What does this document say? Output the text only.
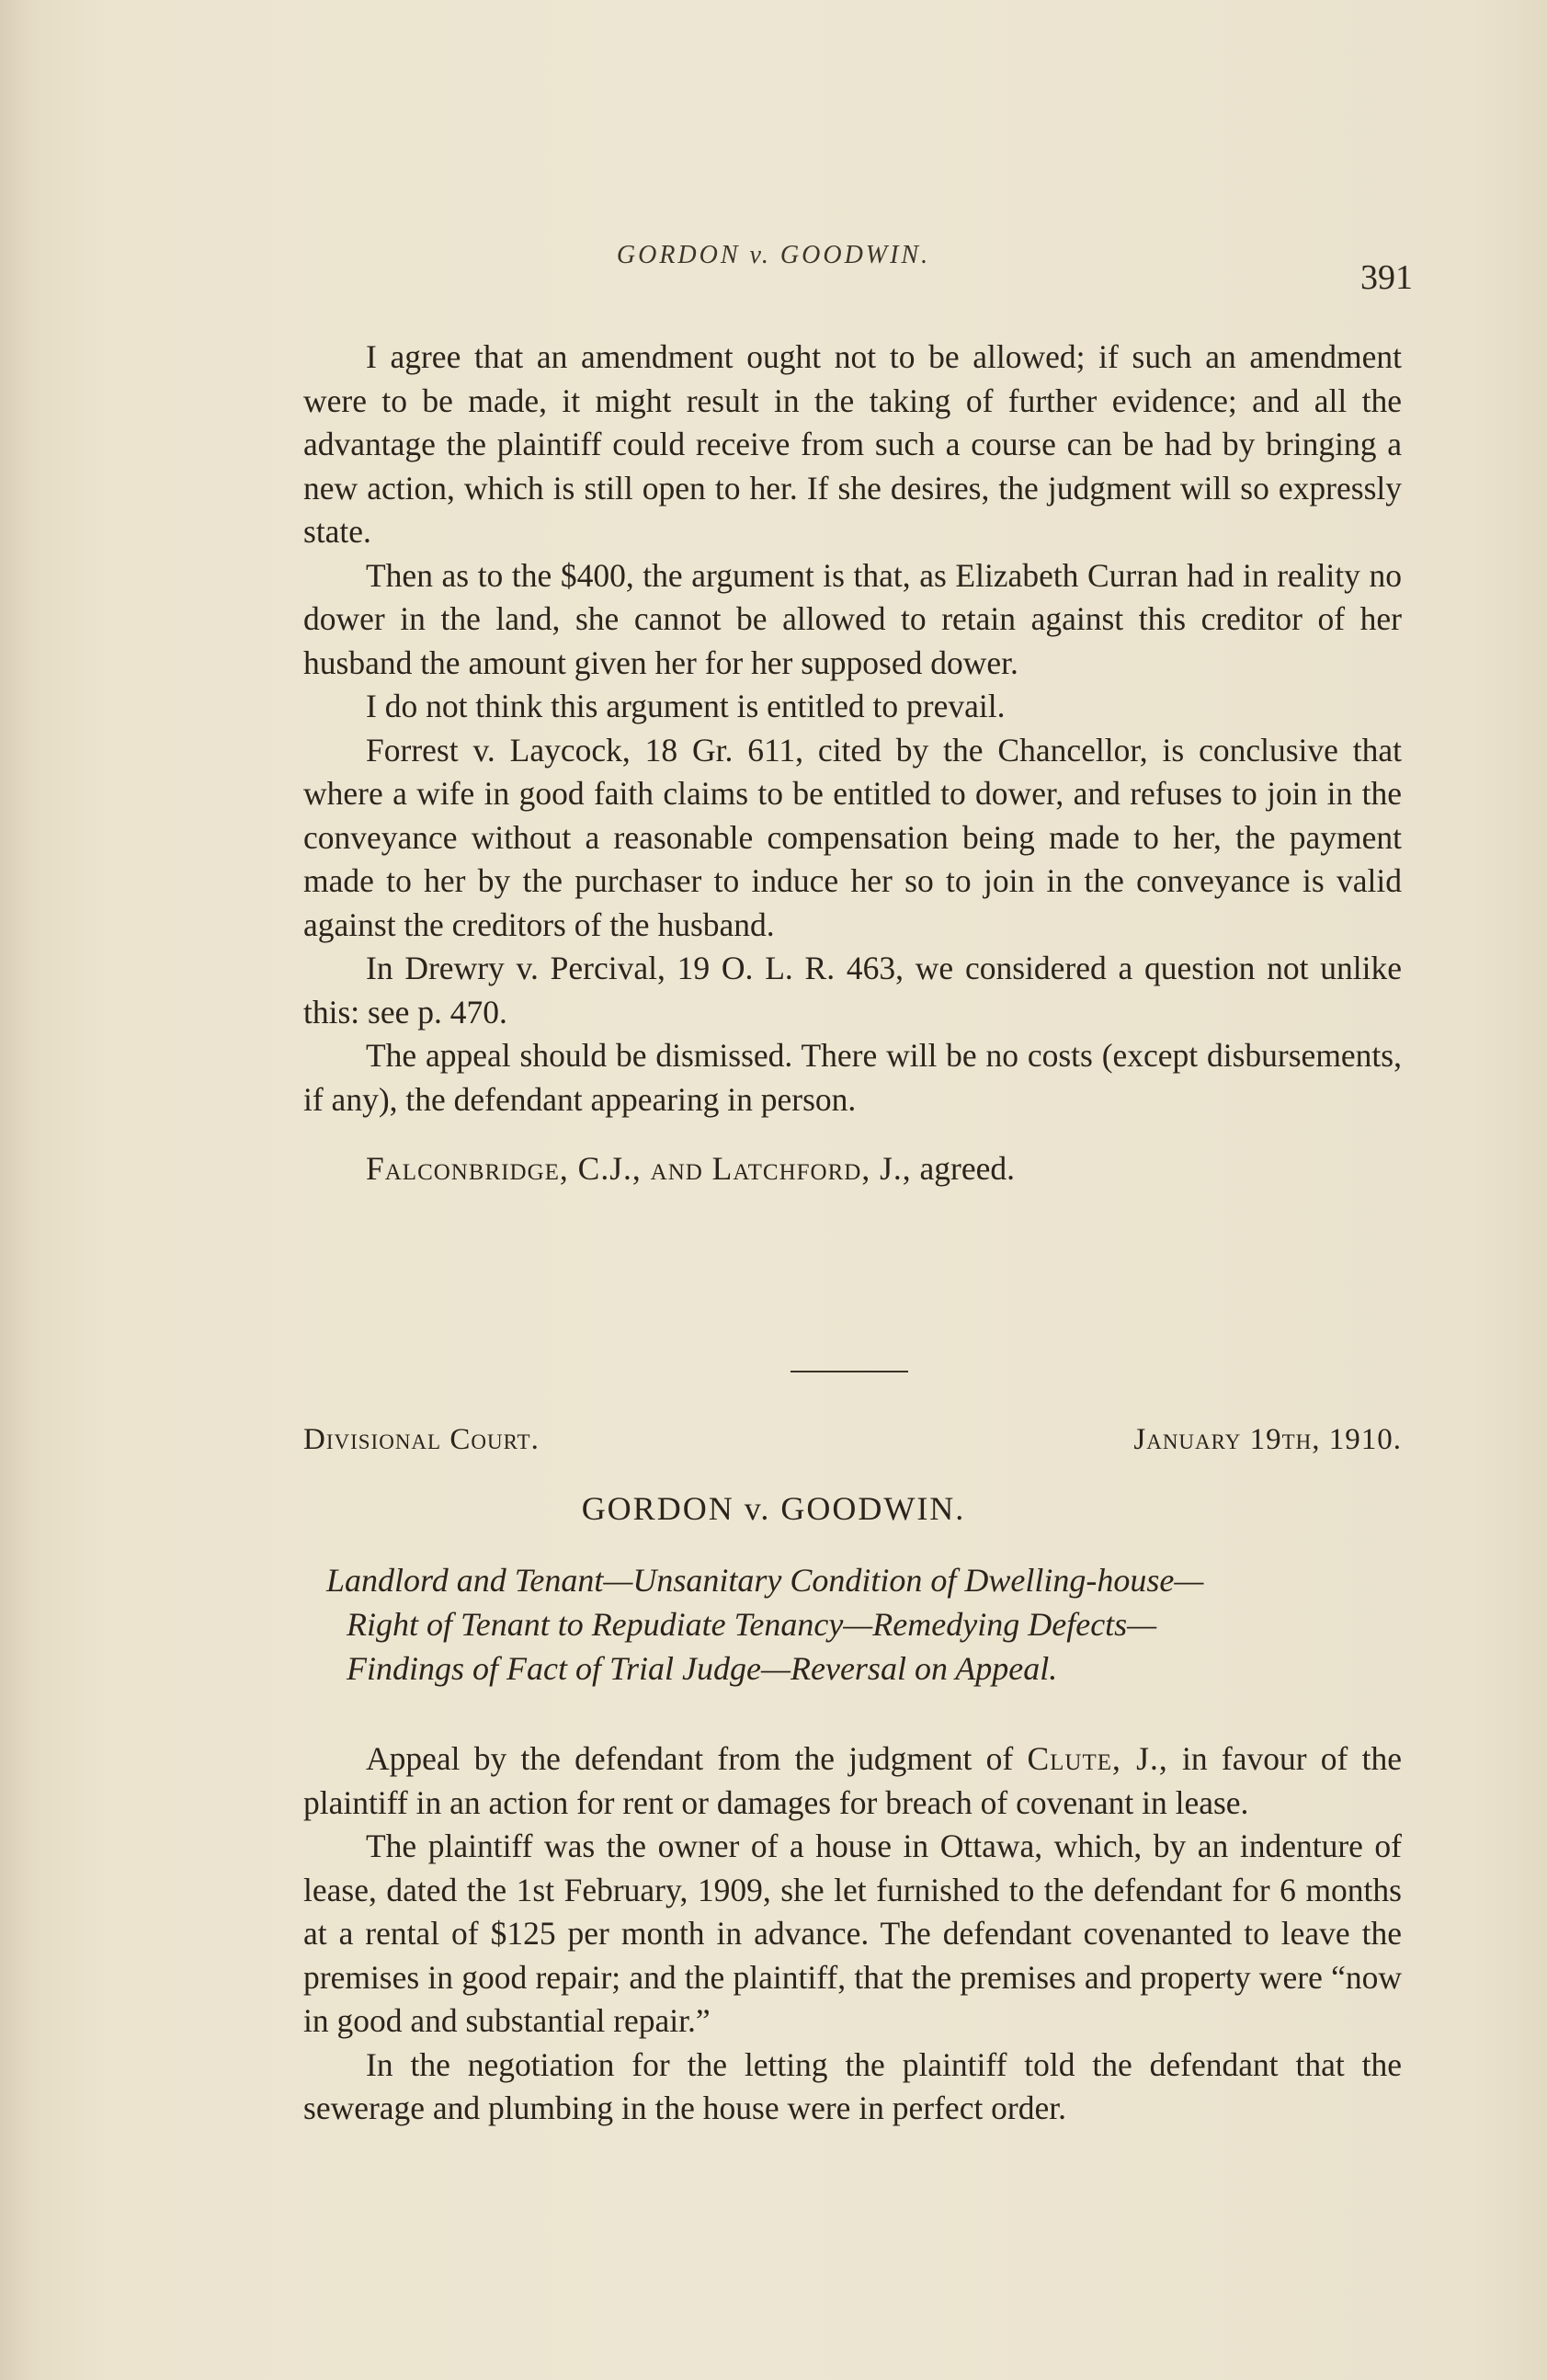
GORDON v. GOODWIN.
391

I agree that an amendment ought not to be allowed; if such an amendment were to be made, it might result in the taking of further evidence; and all the advantage the plaintiff could receive from such a course can be had by bringing a new action, which is still open to her. If she desires, the judgment will so expressly state.

Then as to the $400, the argument is that, as Elizabeth Curran had in reality no dower in the land, she cannot be allowed to retain against this creditor of her husband the amount given her for her supposed dower.

I do not think this argument is entitled to prevail.

Forrest v. Laycock, 18 Gr. 611, cited by the Chancellor, is conclusive that where a wife in good faith claims to be entitled to dower, and refuses to join in the conveyance without a reasonable compensation being made to her, the payment made to her by the purchaser to induce her so to join in the conveyance is valid against the creditors of the husband.

In Drewry v. Percival, 19 O. L. R. 463, we considered a question not unlike this: see p. 470.

The appeal should be dismissed. There will be no costs (except disbursements, if any), the defendant appearing in person.

Falconbridge, C.J., and Latchford, J., agreed.

Divisional Court.	January 19th, 1910.
GORDON v. GOODWIN.
Landlord and Tenant—Unsanitary Condition of Dwelling-house—
Right of Tenant to Repudiate Tenancy—Remedying Defects—
Findings of Fact of Trial Judge—Reversal on Appeal.

Appeal by the defendant from the judgment of Clute, J., in favour of the plaintiff in an action for rent or damages for breach of covenant in lease.

The plaintiff was the owner of a house in Ottawa, which, by an indenture of lease, dated the 1st February, 1909, she let furnished to the defendant for 6 months at a rental of $125 per month in advance. The defendant covenanted to leave the premises in good repair; and the plaintiff, that the premises and property were “now in good and substantial repair.”

In the negotiation for the letting the plaintiff told the defendant that the sewerage and plumbing in the house were in perfect order.
